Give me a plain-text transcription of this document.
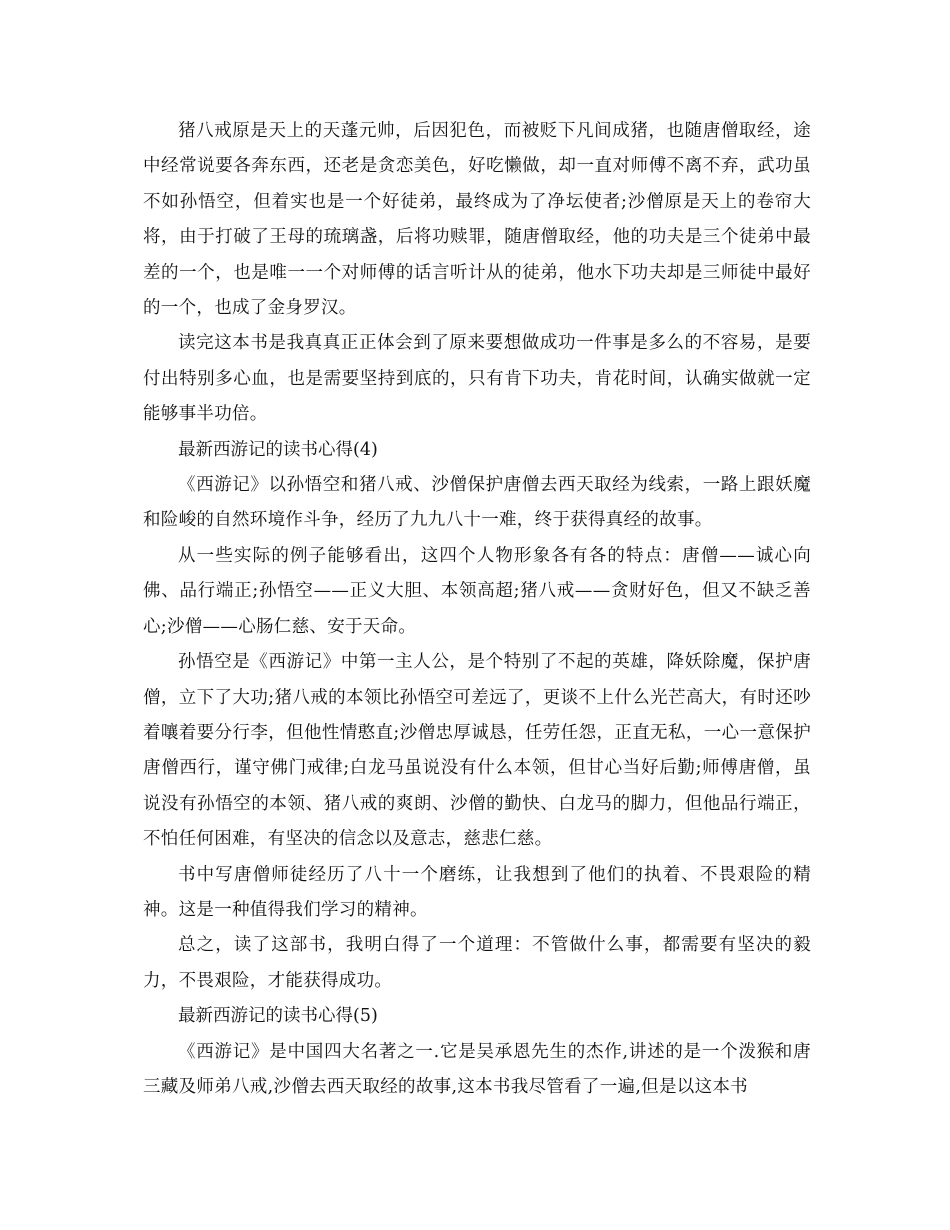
猪八戒原是天上的天蓬元帅，后因犯色，而被贬下凡间成猪，也随唐僧取经，途中经常说要各奔东西，还老是贪恋美色，好吃懒做，却一直对师傅不离不弃，武功虽不如孙悟空，但着实也是一个好徒弟，最终成为了净坛使者;沙僧原是天上的卷帘大将，由于打破了王母的琉璃盏，后将功赎罪，随唐僧取经，他的功夫是三个徒弟中最差的一个，也是唯一一个对师傅的话言听计从的徒弟，他水下功夫却是三师徒中最好的一个，也成了金身罗汉。

读完这本书是我真真正正体会到了原来要想做成功一件事是多么的不容易，是要付出特别多心血，也是需要坚持到底的，只有肯下功夫，肯花时间，认确实做就一定能够事半功倍。

最新西游记的读书心得(4)

《西游记》以孙悟空和猪八戒、沙僧保护唐僧去西天取经为线索，一路上跟妖魔和险峻的自然环境作斗争，经历了九九八十一难，终于获得真经的故事。

从一些实际的例子能够看出，这四个人物形象各有各的特点：唐僧——诚心向佛、品行端正;孙悟空——正义大胆、本领高超;猪八戒——贪财好色，但又不缺乏善心;沙僧——心肠仁慈、安于天命。

孙悟空是《西游记》中第一主人公，是个特别了不起的英雄，降妖除魔，保护唐僧，立下了大功;猪八戒的本领比孙悟空可差远了，更谈不上什么光芒高大，有时还吵着嚷着要分行李，但他性情憨直;沙僧忠厚诚恳，任劳任怨，正直无私，一心一意保护唐僧西行，谨守佛门戒律;白龙马虽说没有什么本领，但甘心当好后勤;师傅唐僧，虽说没有孙悟空的本领、猪八戒的爽朗、沙僧的勤快、白龙马的脚力，但他品行端正，不怕任何困难，有坚决的信念以及意志，慈悲仁慈。

书中写唐僧师徒经历了八十一个磨练，让我想到了他们的执着、不畏艰险的精神。这是一种值得我们学习的精神。

总之，读了这部书，我明白得了一个道理：不管做什么事，都需要有坚决的毅力，不畏艰险，才能获得成功。

最新西游记的读书心得(5)

《西游记》是中国四大名著之一.它是吴承恩先生的杰作,讲述的是一个泼猴和唐三藏及师弟八戒,沙僧去西天取经的故事,这本书我尽管看了一遍,但是以这本书
